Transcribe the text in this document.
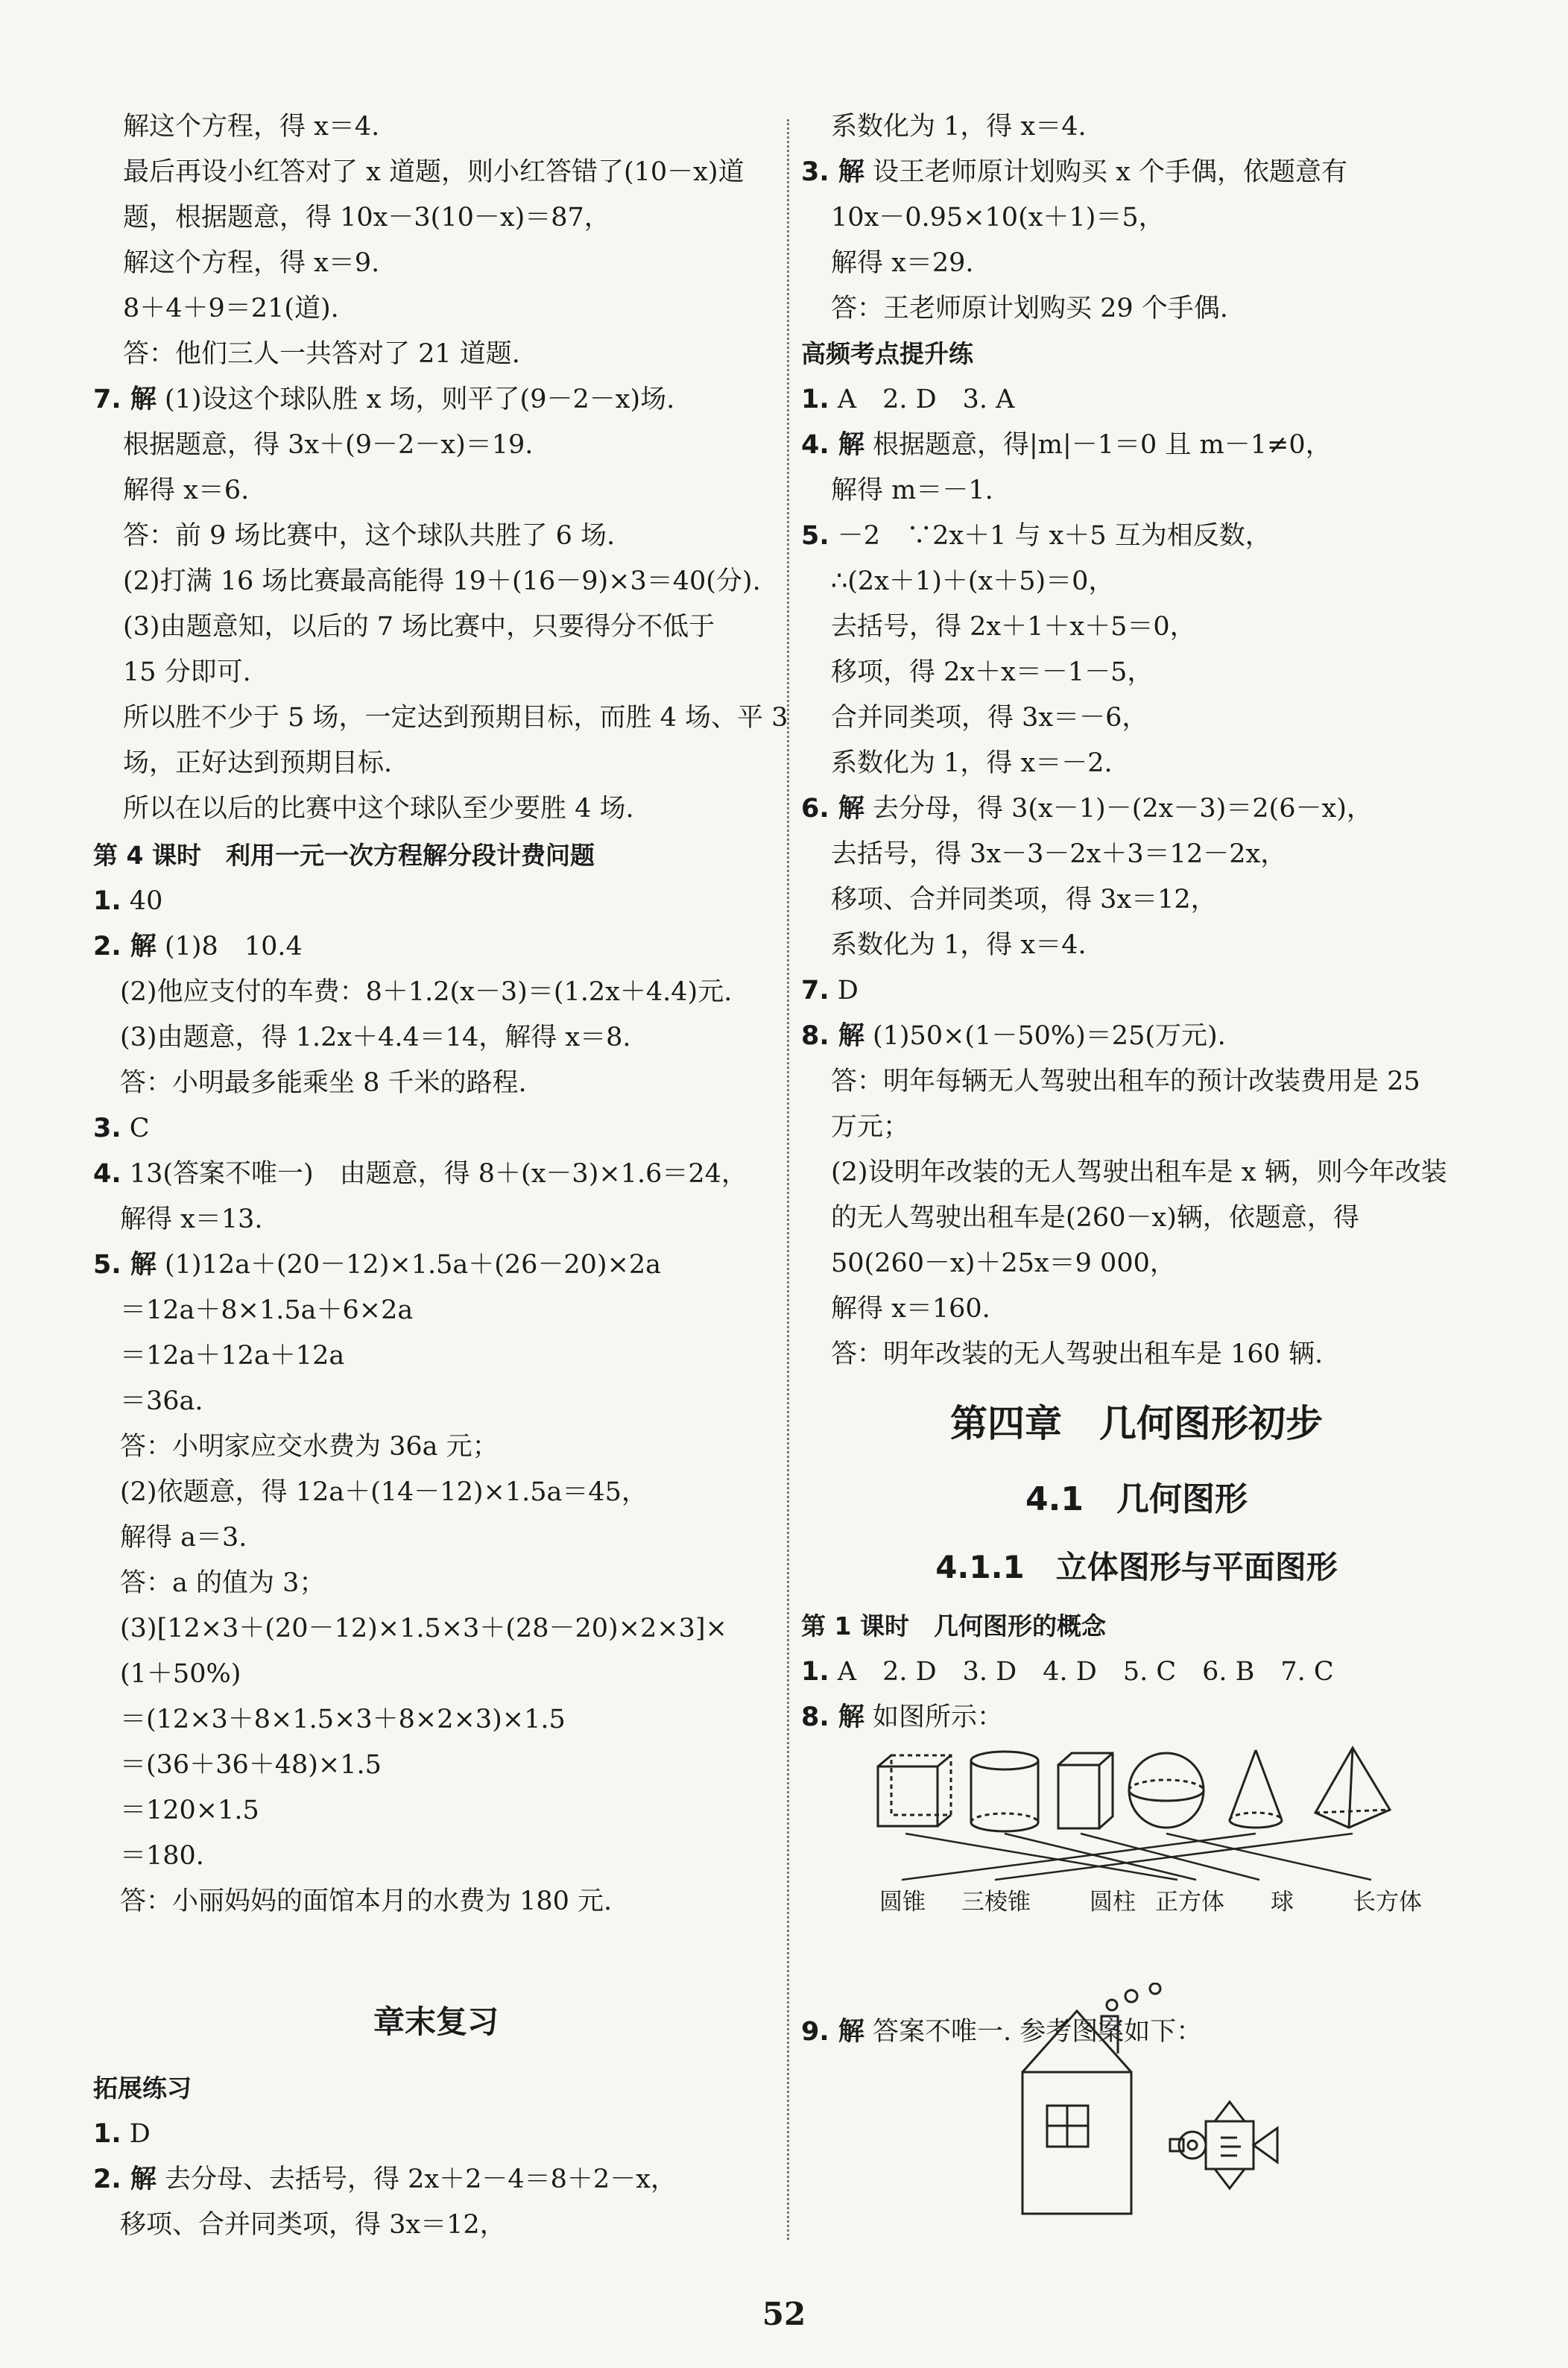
解这个方程，得 x＝4.
最后再设小红答对了 x 道题，则小红答错了(10－x)道
题，根据题意，得 10x－3(10－x)＝87，
解这个方程，得 x＝9.
8＋4＋9＝21(道).
答：他们三人一共答对了 21 道题.
7. 解 (1)设这个球队胜 x 场，则平了(9－2－x)场.
根据题意，得 3x＋(9－2－x)＝19.
解得 x＝6.
答：前 9 场比赛中，这个球队共胜了 6 场.
(2)打满 16 场比赛最高能得 19＋(16－9)×3＝40(分).
(3)由题意知，以后的 7 场比赛中，只要得分不低于
15 分即可.
所以胜不少于 5 场，一定达到预期目标，而胜 4 场、平 3
场，正好达到预期目标.
所以在以后的比赛中这个球队至少要胜 4 场.
第 4 课时　利用一元一次方程解分段计费问题
1. 40
2. 解 (1)8　10.4
(2)他应支付的车费：8＋1.2(x－3)＝(1.2x＋4.4)元.
(3)由题意，得 1.2x＋4.4＝14，解得 x＝8.
答：小明最多能乘坐 8 千米的路程.
3. C
4. 13(答案不唯一)　由题意，得 8＋(x－3)×1.6＝24，
解得 x＝13.
5. 解 (1)12a＋(20－12)×1.5a＋(26－20)×2a
＝12a＋8×1.5a＋6×2a
＝12a＋12a＋12a
＝36a.
答：小明家应交水费为 36a 元；
(2)依题意，得 12a＋(14－12)×1.5a＝45，
解得 a＝3.
答：a 的值为 3；
(3)[12×3＋(20－12)×1.5×3＋(28－20)×2×3]×
(1＋50%)
＝(12×3＋8×1.5×3＋8×2×3)×1.5
＝(36＋36＋48)×1.5
＝120×1.5
＝180.
答：小丽妈妈的面馆本月的水费为 180 元.
拓展练习
1. D
2. 解 去分母、去括号，得 2x＋2－4＝8＋2－x，
移项、合并同类项，得 3x＝12，
章末复习
系数化为 1，得 x＝4.
3. 解 设王老师原计划购买 x 个手偶，依题意有
10x－0.95×10(x＋1)＝5，
解得 x＝29.
答：王老师原计划购买 29 个手偶.
高频考点提升练
1. A　2. D　3. A
4. 解 根据题意，得|m|－1＝0 且 m－1≠0，
解得 m＝－1.
5. －2　∵2x＋1 与 x＋5 互为相反数，
∴(2x＋1)＋(x＋5)＝0，
去括号，得 2x＋1＋x＋5＝0，
移项，得 2x＋x＝－1－5，
合并同类项，得 3x＝－6，
系数化为 1，得 x＝－2.
6. 解 去分母，得 3(x－1)－(2x－3)＝2(6－x)，
去括号，得 3x－3－2x＋3＝12－2x，
移项、合并同类项，得 3x＝12，
系数化为 1，得 x＝4.
7. D
8. 解 (1)50×(1－50%)＝25(万元).
答：明年每辆无人驾驶出租车的预计改装费用是 25
万元；
(2)设明年改装的无人驾驶出租车是 x 辆，则今年改装
的无人驾驶出租车是(260－x)辆，依题意，得
50(260－x)＋25x＝9 000，
解得 x＝160.
答：明年改装的无人驾驶出租车是 160 辆.
第 1 课时　几何图形的概念
1. A　2. D　3. D　4. D　5. C　6. B　7. C
8. 解 如图所示：
9. 解 答案不唯一. 参考图案如下：
第四章　几何图形初步
4.1　几何图形
4.1.1　立体图形与平面图形
圆锥 三棱锥	圆柱 正方体 球	长方体
52
